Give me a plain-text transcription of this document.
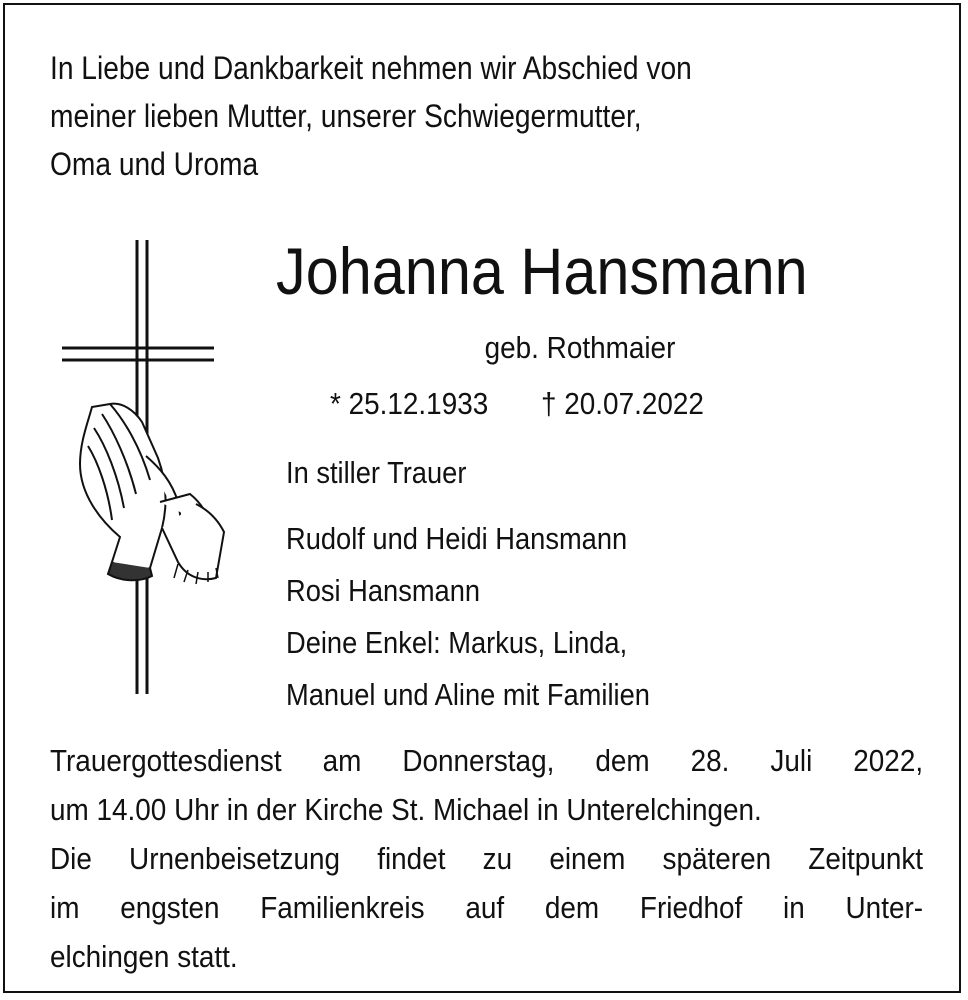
In Liebe und Dankbarkeit nehmen wir Abschied von
meiner lieben Mutter, unserer Schwiegermutter,
Oma und Uroma
Johanna Hansmann
geb. Rothmaier
* 25.12.1933 † 20.07.2022
In stiller Trauer
Rudolf und Heidi Hansmann
Rosi Hansmann
Deine Enkel: Markus, Linda,
Manuel und Aline mit Familien
Trauergottesdienst am Donnerstag, dem 28. Juli 2022,
um 14.00 Uhr in der Kirche St. Michael in Unterelchingen.
Die Urnenbeisetzung findet zu einem späteren Zeitpunkt
im engsten Familienkreis auf dem Friedhof in Unter-
elchingen statt.
